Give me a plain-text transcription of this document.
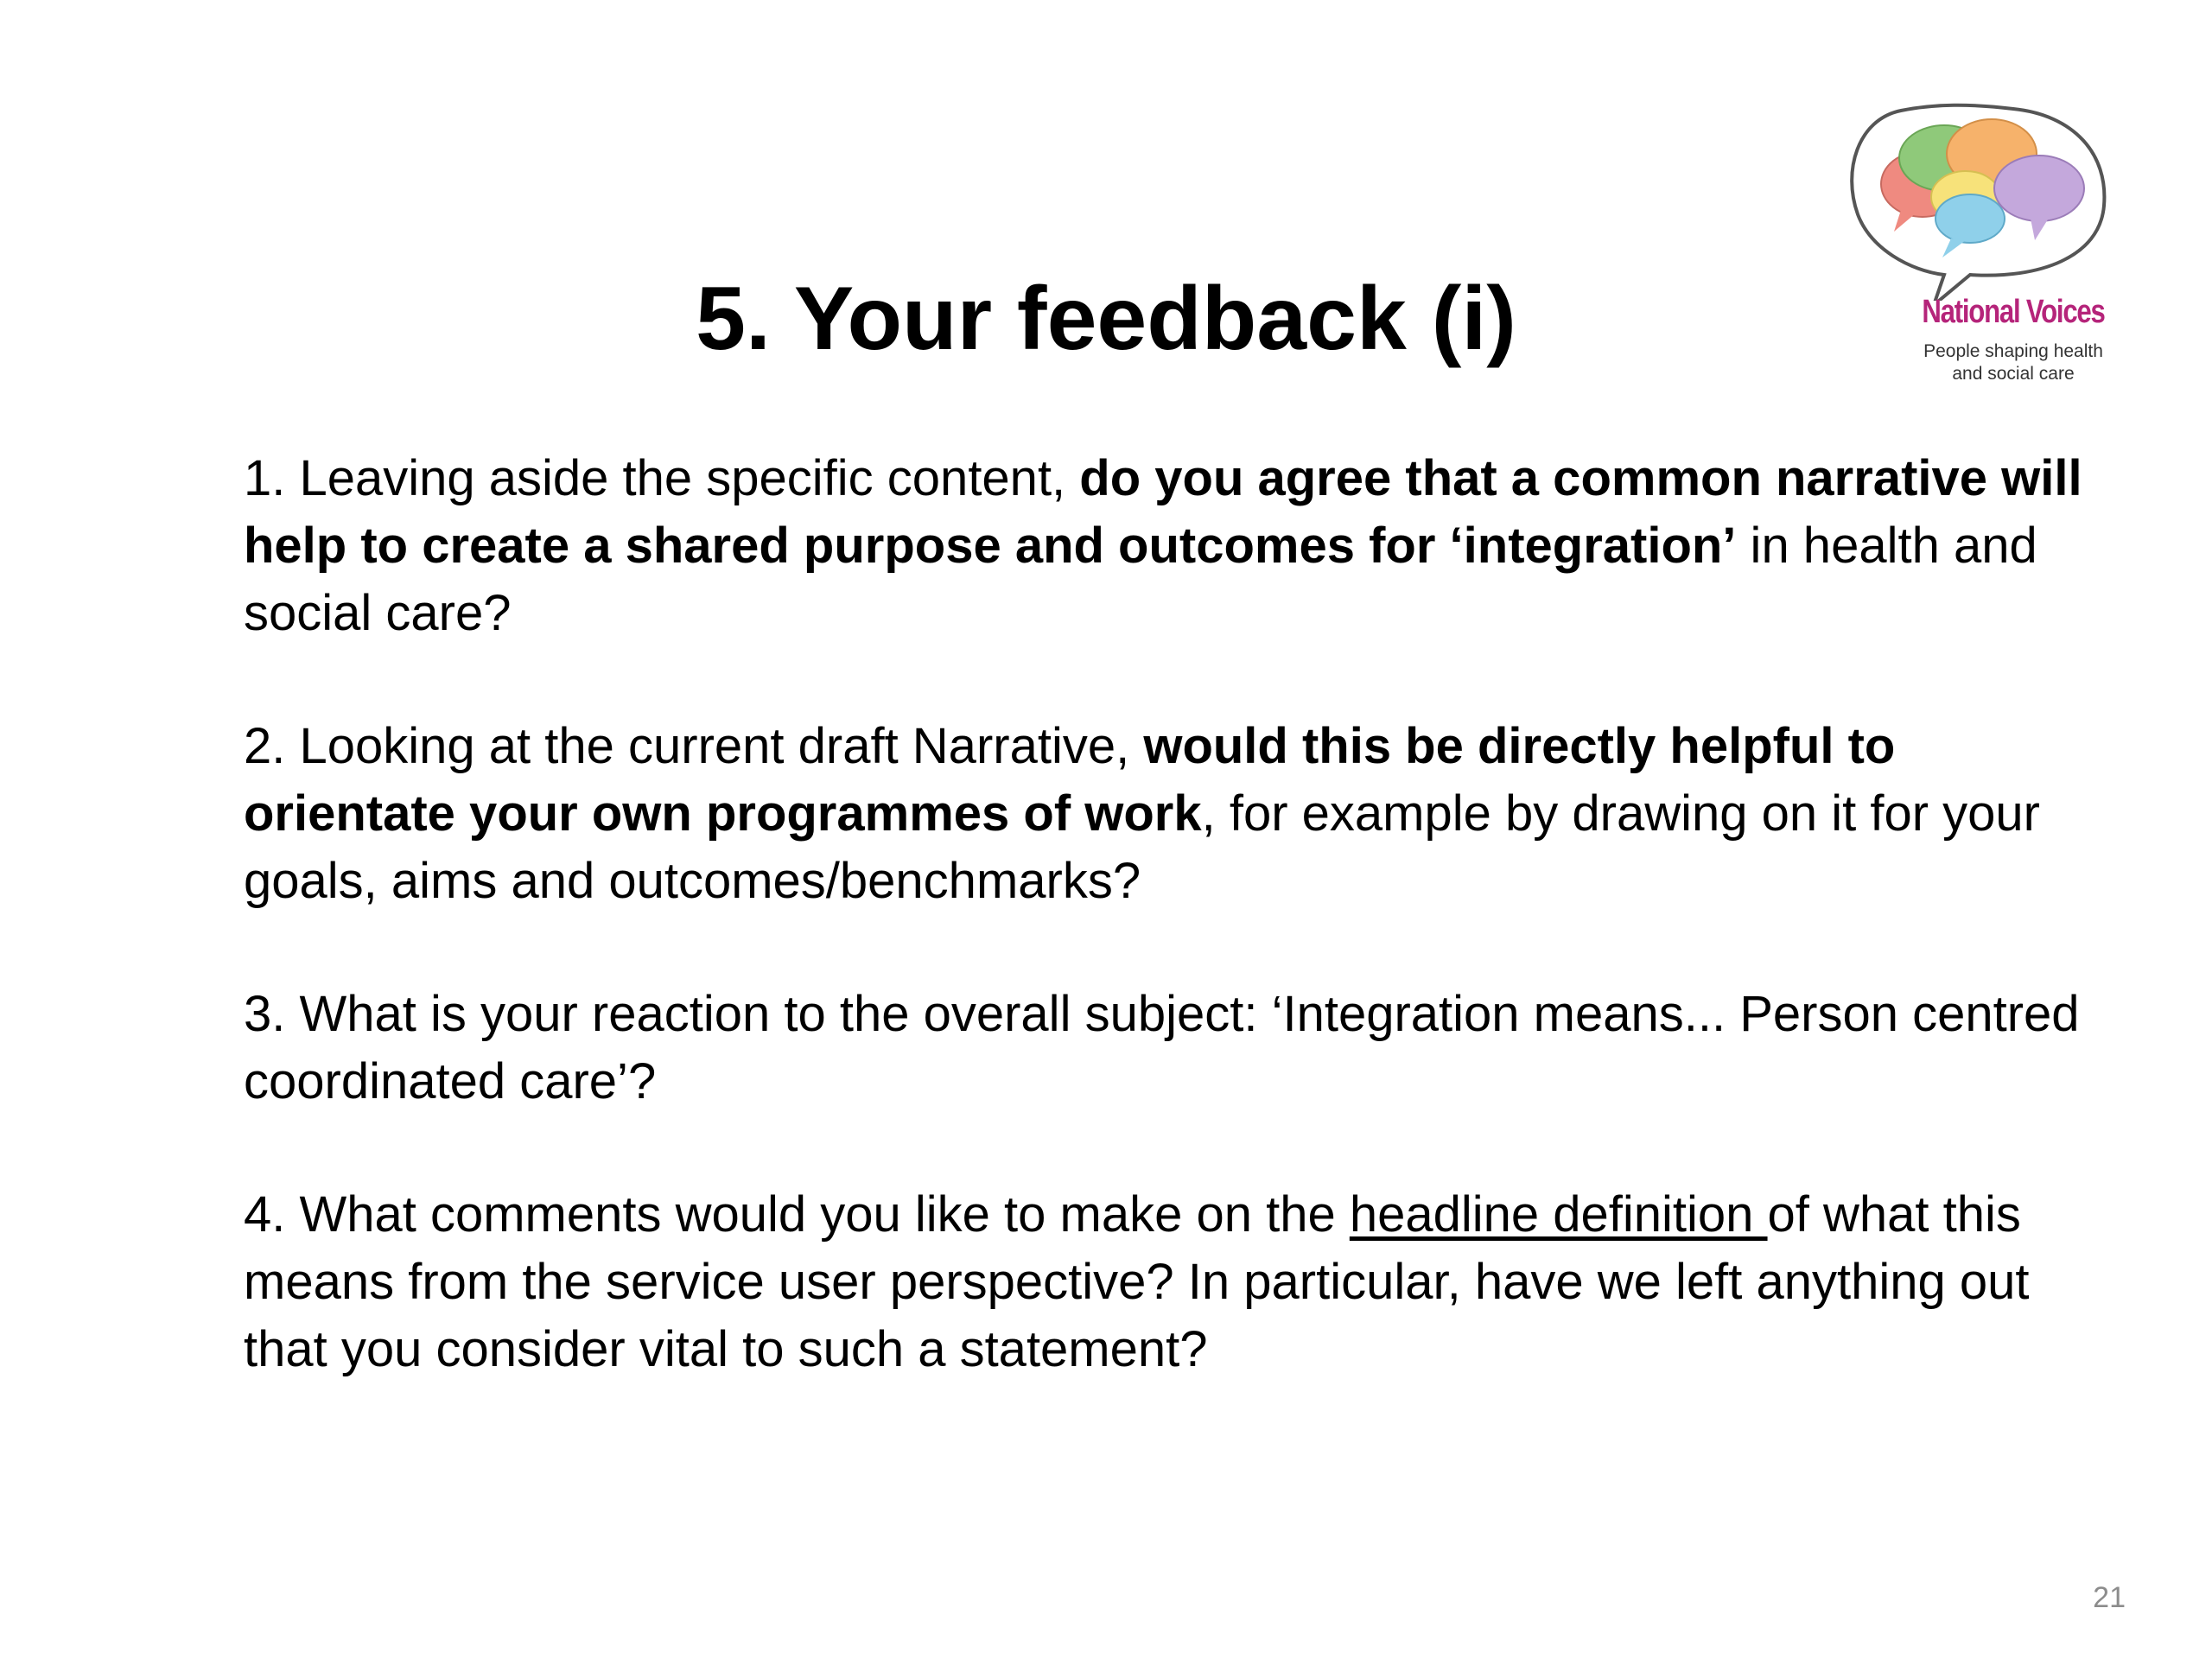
5. Your feedback (i)	National Voices
People shaping health
and social care

1. Leaving aside the specific content, do you agree that a common narrative will help to create a shared purpose and outcomes for ‘integration’ in health and social care?

2. Looking at the current draft Narrative, would this be directly helpful to orientate your own programmes of work, for example by drawing on it for your goals, aims and outcomes/benchmarks?

3. What is your reaction to the overall subject: ‘Integration means... Person centred coordinated care’?

4. What comments would you like to make on the headline definition of what this means from the service user perspective? In particular, have we left anything out that you consider vital to such a statement?

21
